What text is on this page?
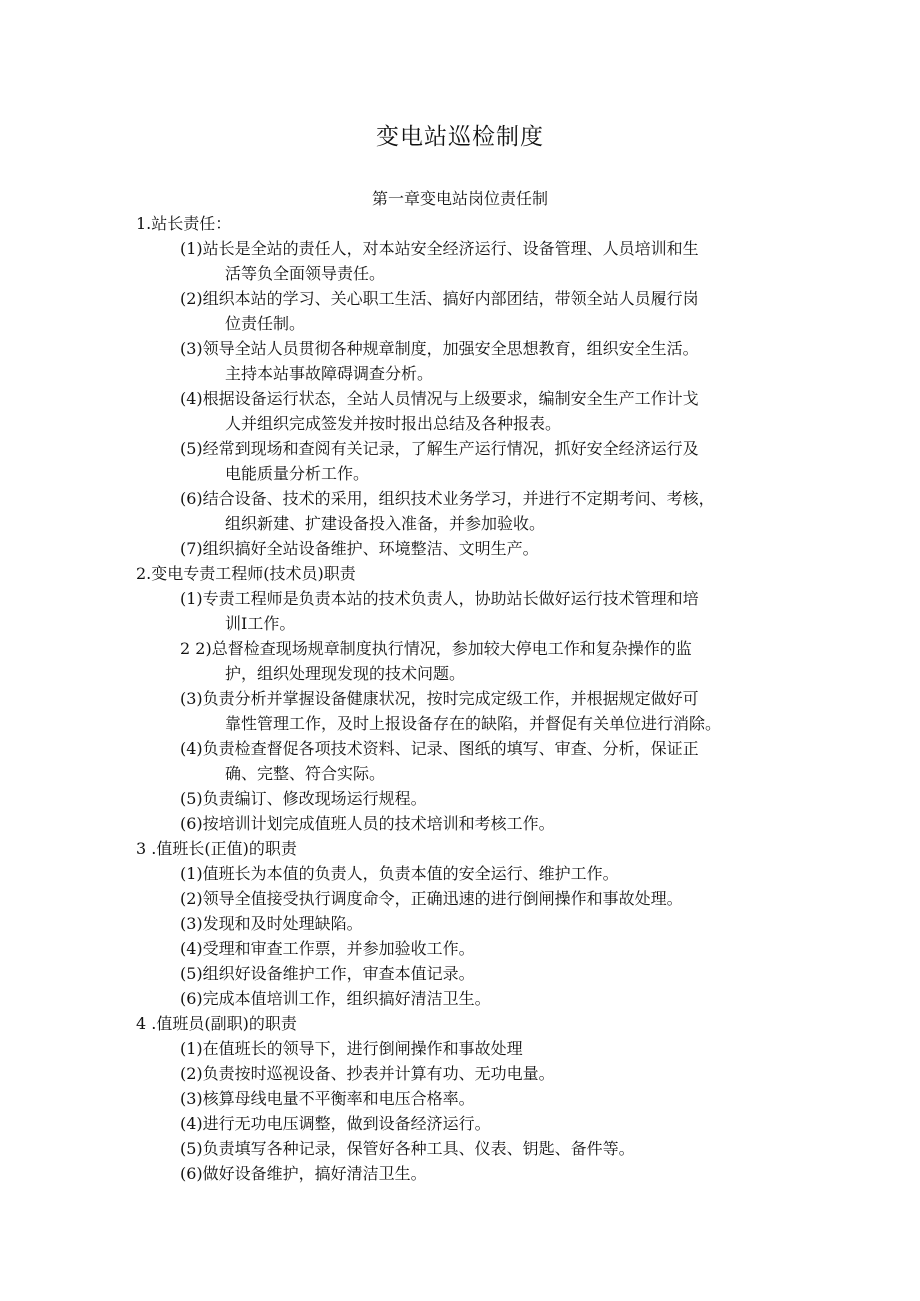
变电站巡检制度
第一章变电站岗位责任制
1.站长责任：
(1)站长是全站的责任人，对本站安全经济运行、设备管理、人员培训和生
活等负全面领导责任。
(2)组织本站的学习、关心职工生活、搞好内部团结，带领全站人员履行岗
位责任制。
(3)领导全站人员贯彻各种规章制度，加强安全思想教育，组织安全生活。
主持本站事故障碍调查分析。
(4)根据设备运行状态，全站人员情况与上级要求，编制安全生产工作计戈
人并组织完成签发并按时报出总结及各种报表。
(5)经常到现场和查阅有关记录，了解生产运行情况，抓好安全经济运行及
电能质量分析工作。
(6)结合设备、技术的采用，组织技术业务学习，并进行不定期考问、考核，
组织新建、扩建设备投入准备，并参加验收。
(7)组织搞好全站设备维护、环境整洁、文明生产。
2.变电专责工程师(技术员)职责
(1)专责工程师是负责本站的技术负责人，协助站长做好运行技术管理和培
训I工作。
2 2)总督检查现场规章制度执行情况，参加较大停电工作和复杂操作的监
护，组织处理现发现的技术问题。
(3)负责分析并掌握设备健康状况，按时完成定级工作，并根据规定做好可
靠性管理工作，及时上报设备存在的缺陷，并督促有关单位进行消除。
(4)负责检查督促各项技术资料、记录、图纸的填写、审查、分析，保证正
确、完整、符合实际。
(5)负责编订、修改现场运行规程。
(6)按培训计划完成值班人员的技术培训和考核工作。
3 .值班长(正值)的职责
(1)值班长为本值的负责人，负责本值的安全运行、维护工作。
(2)领导全值接受执行调度命令，正确迅速的进行倒闸操作和事故处理。
(3)发现和及时处理缺陷。
(4)受理和审查工作票，并参加验收工作。
(5)组织好设备维护工作，审查本值记录。
(6)完成本值培训工作，组织搞好清洁卫生。
4 .值班员(副职)的职责
(1)在值班长的领导下，进行倒闸操作和事故处理
(2)负责按时巡视设备、抄表并计算有功、无功电量。
(3)核算母线电量不平衡率和电压合格率。
(4)进行无功电压调整，做到设备经济运行。
(5)负责填写各种记录，保管好各种工具、仪表、钥匙、备件等。
(6)做好设备维护，搞好清洁卫生。
